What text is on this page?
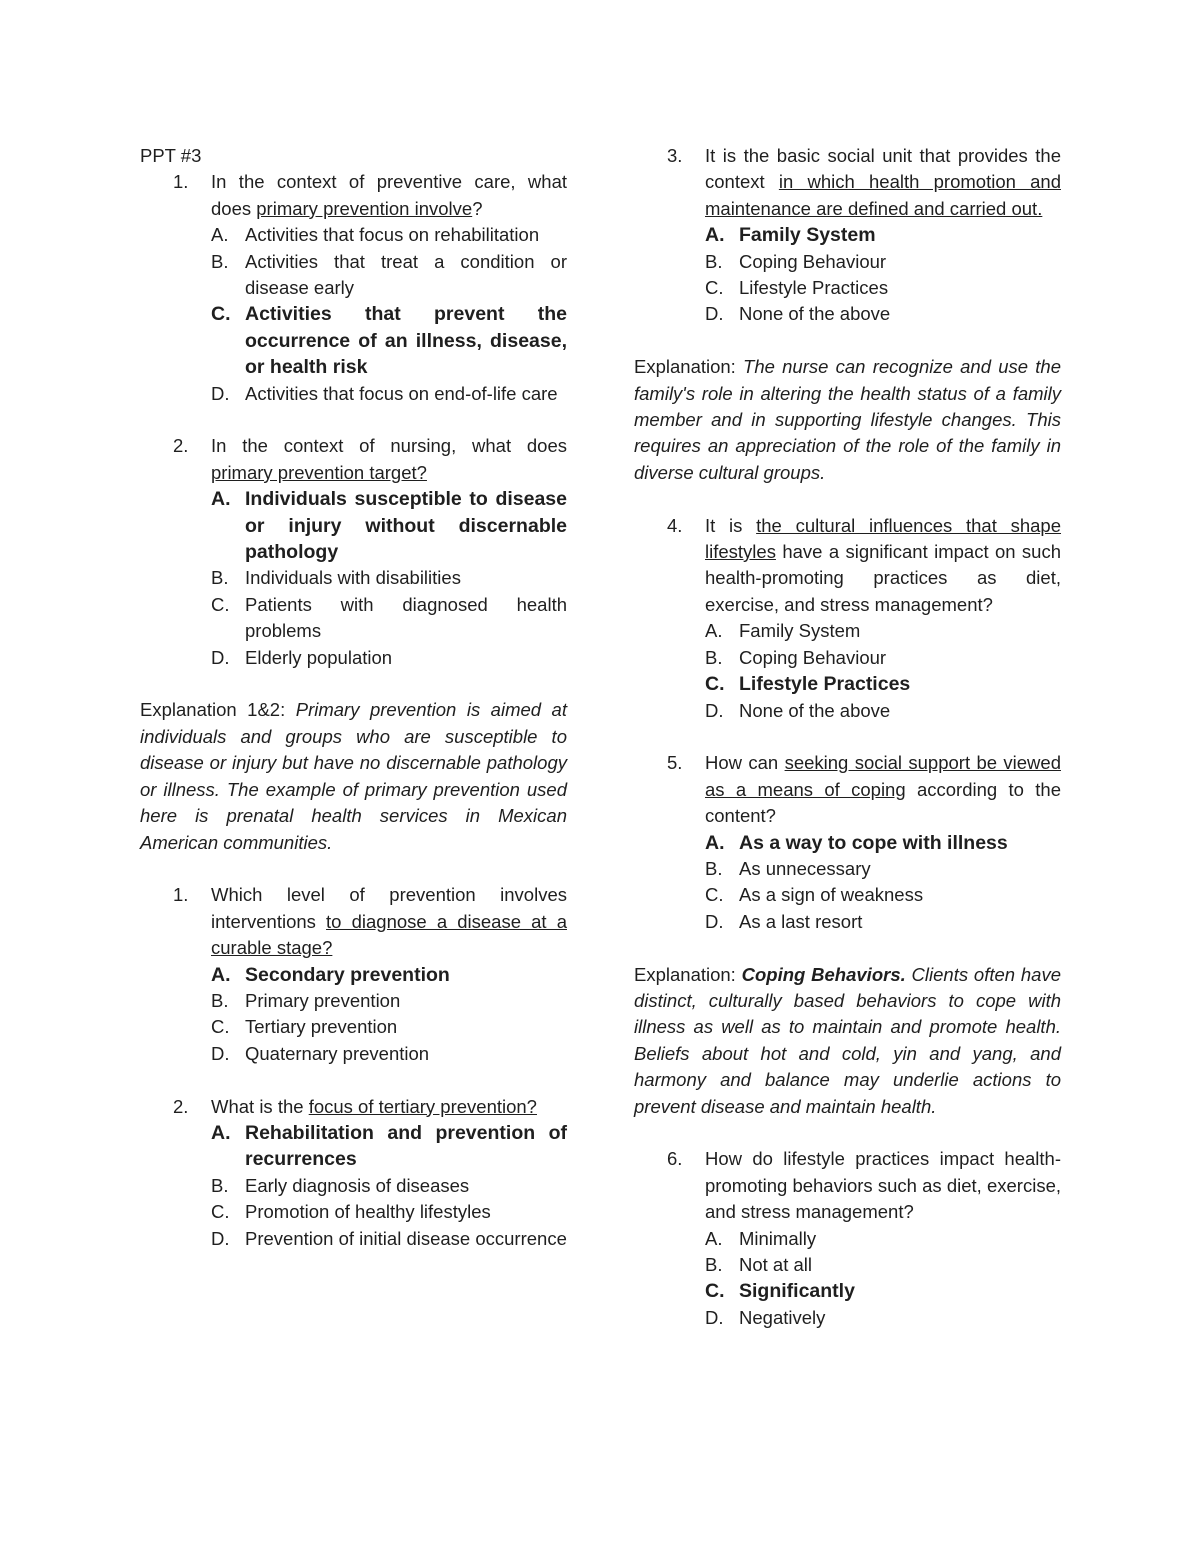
PPT #3
1. In the context of preventive care, what does primary prevention involve?
A. Activities that focus on rehabilitation
B. Activities that treat a condition or disease early
C. Activities that prevent the occurrence of an illness, disease, or health risk
D. Activities that focus on end-of-life care
2. In the context of nursing, what does primary prevention target?
A. Individuals susceptible to disease or injury without discernable pathology
B. Individuals with disabilities
C. Patients with diagnosed health problems
D. Elderly population
Explanation 1&2: Primary prevention is aimed at individuals and groups who are susceptible to disease or injury but have no discernable pathology or illness. The example of primary prevention used here is prenatal health services in Mexican American communities.
1. Which level of prevention involves interventions to diagnose a disease at a curable stage?
A. Secondary prevention
B. Primary prevention
C. Tertiary prevention
D. Quaternary prevention
2. What is the focus of tertiary prevention?
A. Rehabilitation and prevention of recurrences
B. Early diagnosis of diseases
C. Promotion of healthy lifestyles
D. Prevention of initial disease occurrence
3. It is the basic social unit that provides the context in which health promotion and maintenance are defined and carried out.
A. Family System
B. Coping Behaviour
C. Lifestyle Practices
D. None of the above
Explanation: The nurse can recognize and use the family's role in altering the health status of a family member and in supporting lifestyle changes. This requires an appreciation of the role of the family in diverse cultural groups.
4. It is the cultural influences that shape lifestyles have a significant impact on such health-promoting practices as diet, exercise, and stress management?
A. Family System
B. Coping Behaviour
C. Lifestyle Practices
D. None of the above
5. How can seeking social support be viewed as a means of coping according to the content?
A. As a way to cope with illness
B. As unnecessary
C. As a sign of weakness
D. As a last resort
Explanation: Coping Behaviors. Clients often have distinct, culturally based behaviors to cope with illness as well as to maintain and promote health. Beliefs about hot and cold, yin and yang, and harmony and balance may underlie actions to prevent disease and maintain health.
6. How do lifestyle practices impact health-promoting behaviors such as diet, exercise, and stress management?
A. Minimally
B. Not at all
C. Significantly
D. Negatively
